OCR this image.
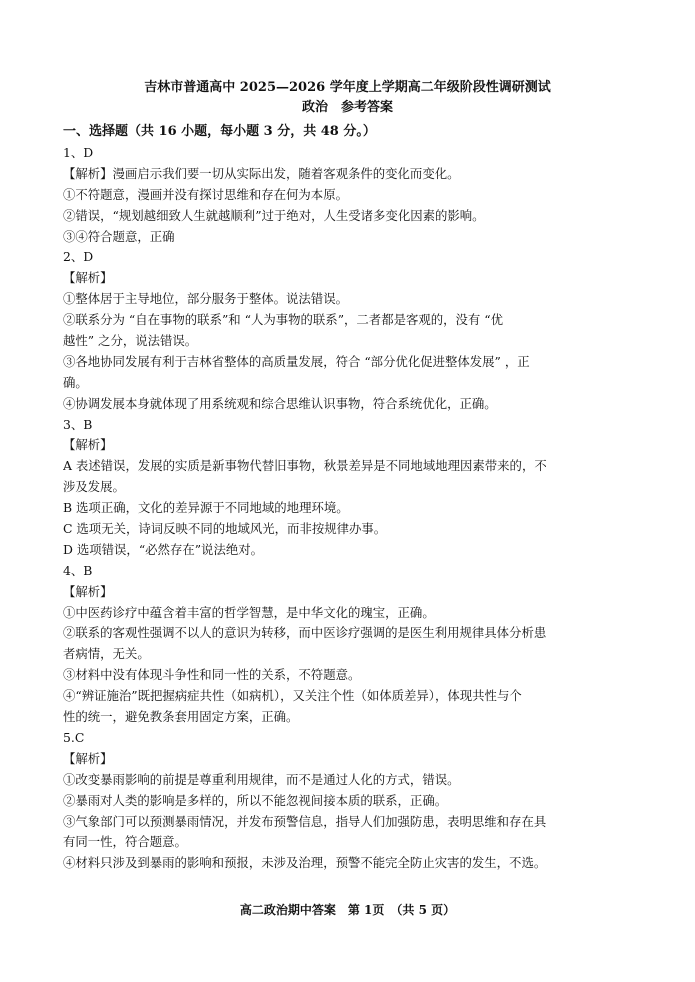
吉林市普通高中 2025—2026 学年度上学期高二年级阶段性调研测试
政治　参考答案
一、选择题（共 16 小题，每小题 3 分，共 48 分。）
1、D
【解析】漫画启示我们要一切从实际出发，随着客观条件的变化而变化。
①不符题意，漫画并没有探讨思维和存在何为本原。
②错误，“规划越细致人生就越顺利”过于绝对，人生受诸多变化因素的影响。
③④符合题意，正确
2、D
【解析】
①整体居于主导地位，部分服务于整体。说法错误。
②联系分为 “自在事物的联系”和 “人为事物的联系”，二者都是客观的，没有 “优
越性” 之分，说法错误。
③各地协同发展有利于吉林省整体的高质量发展，符合 “部分优化促进整体发展” ，正
确。
④协调发展本身就体现了用系统观和综合思维认识事物，符合系统优化，正确。
3、B
【解析】
A 表述错误，发展的实质是新事物代替旧事物，秋景差异是不同地域地理因素带来的，不
涉及发展。
B 选项正确，文化的差异源于不同地域的地理环境。
C 选项无关，诗词反映不同的地域风光，而非按规律办事。
D 选项错误，“必然存在”说法绝对。
4、B
【解析】
①中医药诊疗中蕴含着丰富的哲学智慧，是中华文化的瑰宝，正确。
②联系的客观性强调不以人的意识为转移，而中医诊疗强调的是医生利用规律具体分析患
者病情，无关。
③材料中没有体现斗争性和同一性的关系，不符题意。
④“辨证施治”既把握病症共性（如病机），又关注个性（如体质差异），体现共性与个
性的统一，避免教条套用固定方案，正确。
5.C
【解析】
①改变暴雨影响的前提是尊重利用规律，而不是通过人化的方式，错误。
②暴雨对人类的影响是多样的，所以不能忽视间接本质的联系，正确。
③气象部门可以预测暴雨情况，并发布预警信息，指导人们加强防患，表明思维和存在具
有同一性，符合题意。
④材料只涉及到暴雨的影响和预报，未涉及治理，预警不能完全防止灾害的发生，不选。
高二政治期中答案　第 1页　（共 5 页）
